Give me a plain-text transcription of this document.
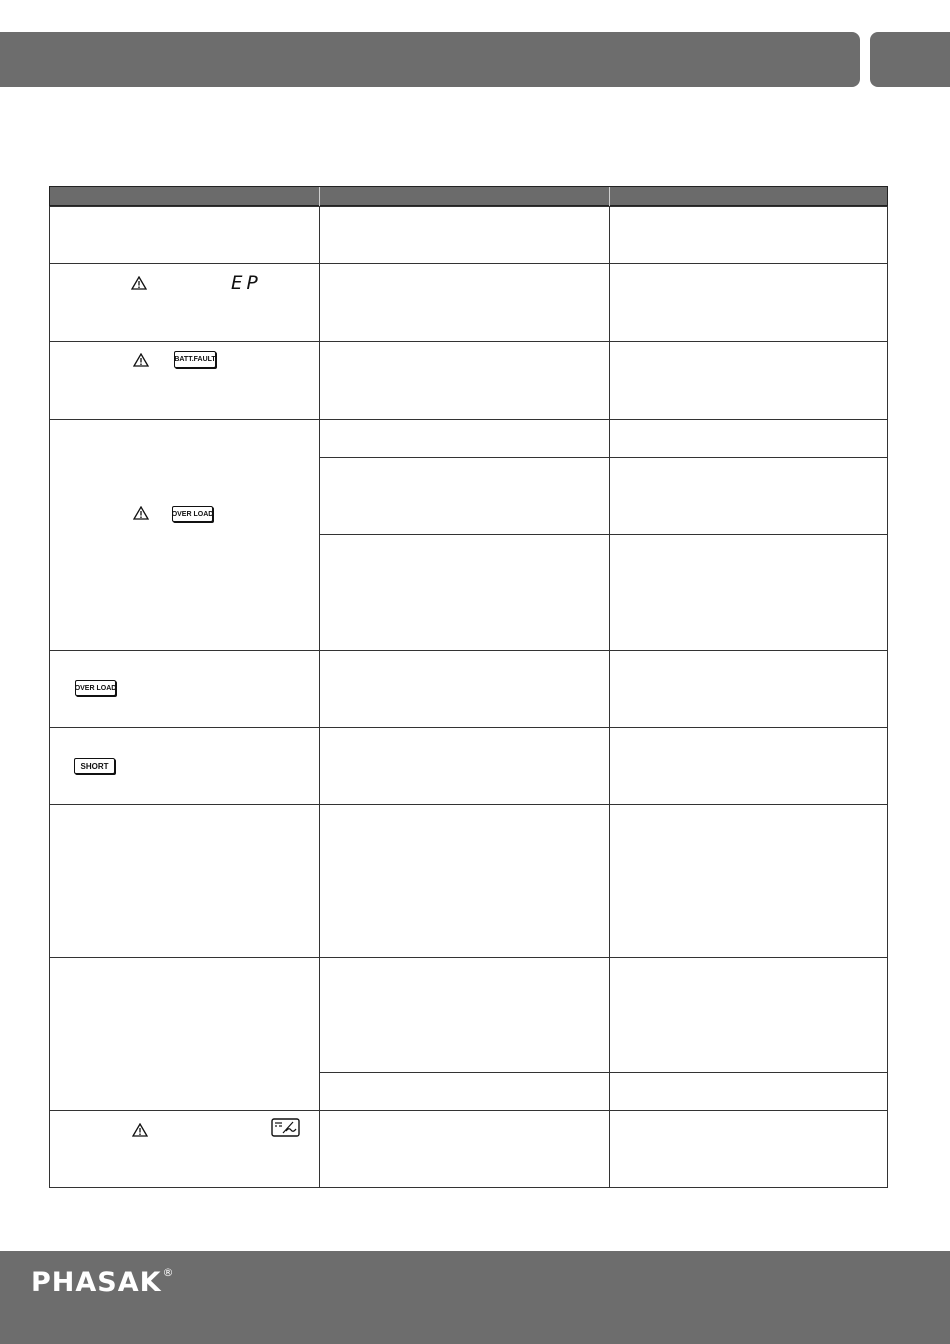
EP
BATT.FAULT
OVER LOAD
OVER LOAD
SHORT
PHASAK ®
